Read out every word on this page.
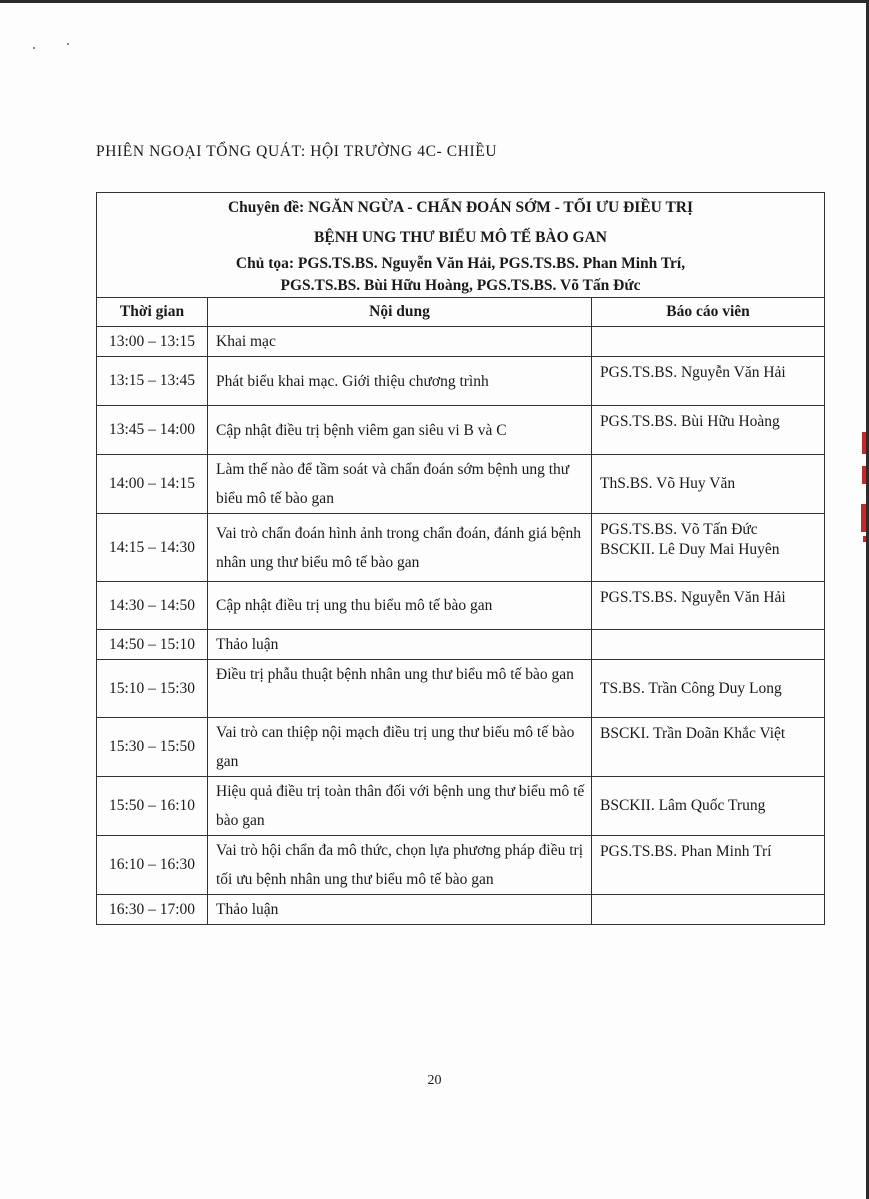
PHIÊN NGOẠI TỔNG QUÁT: HỘI TRƯỜNG 4C- CHIỀU
Chuyên đề: NGĂN NGỪA - CHẨN ĐOÁN SỚM - TỐI ƯU ĐIỀU TRỊ
BỆNH UNG THƯ BIỂU MÔ TẾ BÀO GAN
Chủ tọa: PGS.TS.BS. Nguyễn Văn Hải, PGS.TS.BS. Phan Minh Trí,
PGS.TS.BS. Bùi Hữu Hoàng, PGS.TS.BS. Võ Tấn Đức		

Thời gian	Nội dung	Báo cáo viên
13:00 – 13:15	Khai mạc	
13:15 – 13:45	Phát biểu khai mạc. Giới thiệu chương trình	PGS.TS.BS. Nguyễn Văn Hải
13:45 – 14:00	Cập nhật điều trị bệnh viêm gan siêu vi B và C	PGS.TS.BS. Bùi Hữu Hoàng
14:00 – 14:15	Làm thế nào để tầm soát và chẩn đoán sớm bệnh ung thư biểu mô tế bào gan	ThS.BS. Võ Huy Văn
14:15 – 14:30	Vai trò chẩn đoán hình ảnh trong chẩn đoán, đánh giá bệnh nhân ung thư biểu mô tế bào gan	PGS.TS.BS. Võ Tấn Đức
BSCKII. Lê Duy Mai Huyên

14:30 – 14:50	Cập nhật điều trị ung thu biểu mô tế bào gan	PGS.TS.BS. Nguyễn Văn Hải
14:50 – 15:10	Thảo luận	
15:10 – 15:30	Điều trị phẫu thuật bệnh nhân ung thư biểu mô tế bào gan	TS.BS. Trần Công Duy Long
15:30 – 15:50	Vai trò can thiệp nội mạch điều trị ung thư biểu mô tế bào gan	BSCKI. Trần Doãn Khắc Việt
15:50 – 16:10	Hiệu quả điều trị toàn thân đối với bệnh ung thư biểu mô tế bào gan	BSCKII. Lâm Quốc Trung
16:10 – 16:30	Vai trò hội chẩn đa mô thức, chọn lựa phương pháp điều trị tối ưu bệnh nhân ung thư biểu mô tế bào gan	PGS.TS.BS. Phan Minh Trí
16:30 – 17:00	Thảo luận	
20
